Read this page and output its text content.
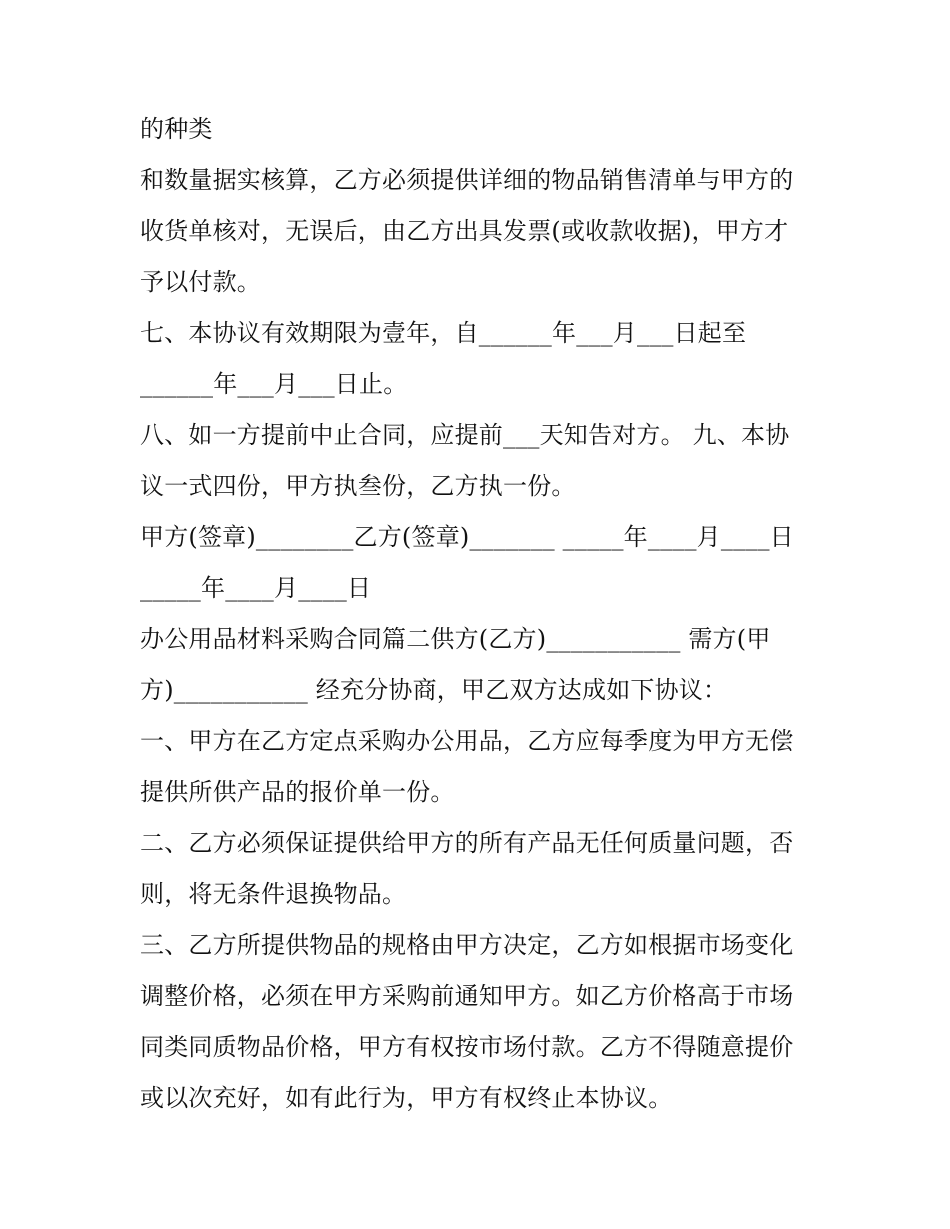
的种类
和数量据实核算，乙方必须提供详细的物品销售清单与甲方的
收货单核对，无误后，由乙方出具发票(或收款收据)，甲方才
予以付款。
七、本协议有效期限为壹年，自______年___月___日起至
______年___月___日止。
八、如一方提前中止合同，应提前___天知告对方。 九、本协
议一式四份，甲方执叁份，乙方执一份。
甲方(签章)________乙方(签章)_______ _____年____月____日
_____年____月____日
办公用品材料采购合同篇二供方(乙方)___________ 需方(甲
方)___________ 经充分协商，甲乙双方达成如下协议：
一、甲方在乙方定点采购办公用品，乙方应每季度为甲方无偿
提供所供产品的报价单一份。
二、乙方必须保证提供给甲方的所有产品无任何质量问题，否
则，将无条件退换物品。
三、乙方所提供物品的规格由甲方决定，乙方如根据市场变化
调整价格，必须在甲方采购前通知甲方。如乙方价格高于市场
同类同质物品价格，甲方有权按市场付款。乙方不得随意提价
或以次充好，如有此行为，甲方有权终止本协议。
